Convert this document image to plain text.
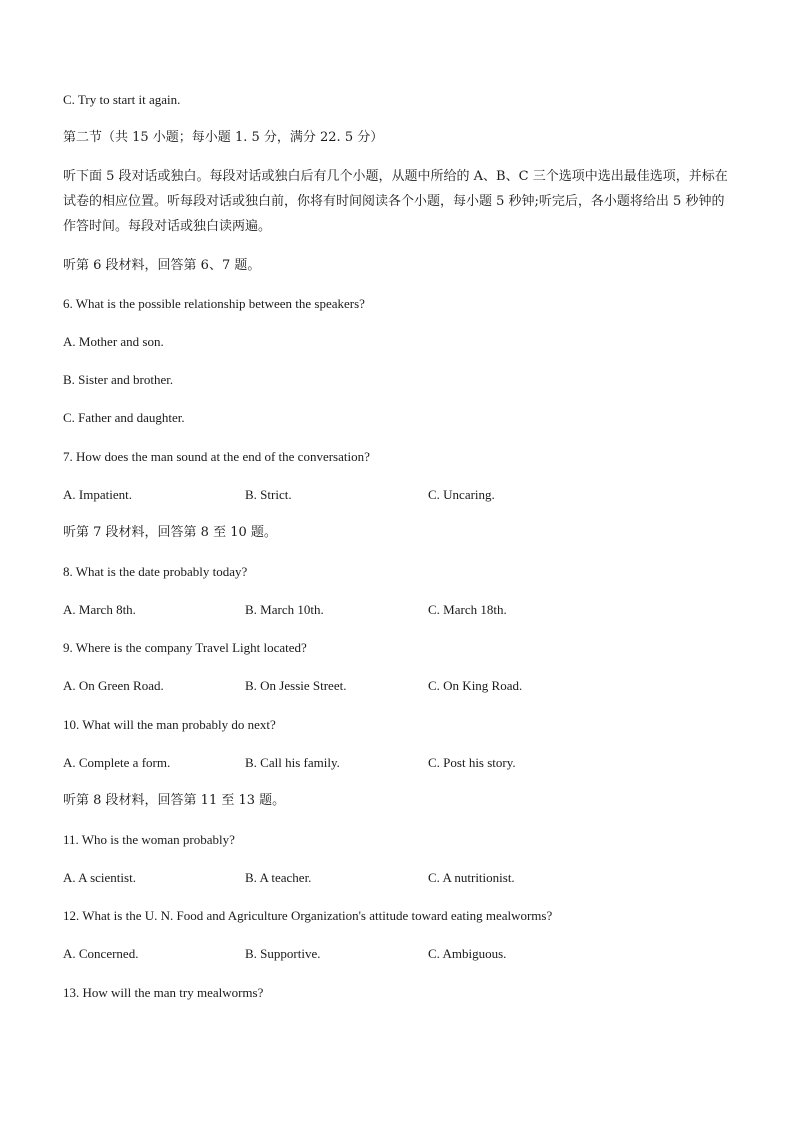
C. Try to start it again.
第二节（共 15 小题；每小题 1. 5 分，满分 22. 5 分）
听下面 5 段对话或独白。每段对话或独白后有几个小题，从题中所给的 A、B、C 三个选项中选出最佳选项，并标在试卷的相应位置。听每段对话或独白前，你将有时间阅读各个小题，每小题 5 秒钟;听完后，各小题将给出 5 秒钟的作答时间。每段对话或独白读两遍。
听第 6 段材料，回答第 6、7 题。
6. What is the possible relationship between the speakers?
A. Mother and son.
B. Sister and brother.
C. Father and daughter.
7. How does the man sound at the end of the conversation?
A. Impatient.	B. Strict.	C. Uncaring.
听第 7 段材料，回答第 8 至 10 题。
8. What is the date probably today?
A. March 8th.	B. March 10th.	C. March 18th.
9. Where is the company Travel Light located?
A. On Green Road.	B. On Jessie Street.	C. On King Road.
10. What will the man probably do next?
A. Complete a form.	B. Call his family.	C. Post his story.
听第 8 段材料，回答第 11 至 13 题。
11. Who is the woman probably?
A. A scientist.	B. A teacher.	C. A nutritionist.
12. What is the U. N. Food and Agriculture Organization's attitude toward eating mealworms?
A. Concerned.	B. Supportive.	C. Ambiguous.
13. How will the man try mealworms?
